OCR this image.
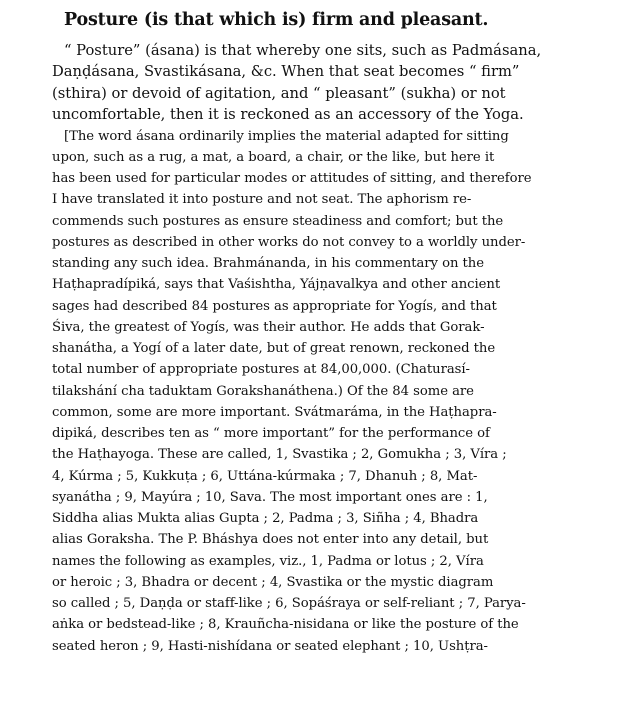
Posture (is that which is) firm and pleasant.
“ Posture” (ásana) is that whereby one sits, such as Padmásana,
Daṇḍásana, Svastikásana, &c. When that seat becomes “ firm”
(sthira) or devoid of agitation, and “ pleasant” (sukha) or not
uncomfortable, then it is reckoned as an accessory of the Yoga.
[The word ásana ordinarily implies the material adapted for sitting
upon, such as a rug, a mat, a board, a chair, or the like, but here it
has been used for particular modes or attitudes of sitting, and therefore
I have translated it into posture and not seat. The aphorism re-
commends such postures as ensure steadiness and comfort; but the
postures as described in other works do not convey to a worldly under-
standing any such idea. Brahmánanda, in his commentary on the
Haṭhapradípiká, says that Vaśishtha, Yájṇavalkya and other ancient
sages had described 84 postures as appropriate for Yogís, and that
Śiva, the greatest of Yogís, was their author. He adds that Gorak-
shanátha, a Yogí of a later date, but of great renown, reckoned the
total number of appropriate postures at 84,00,000. (Chaturasí-
tilakshání cha taduktam Gorakshanáthena.) Of the 84 some are
common, some are more important. Svátmaráma, in the Haṭhapra-
dipiká, describes ten as “ more important” for the performance of
the Haṭhayoga. These are called, 1, Svastika ; 2, Gomukha ; 3, Víra ;
4, Kúrma ; 5, Kukkuṭa ; 6, Uttána-kúrmaka ; 7, Dhanuh ; 8, Mat-
syanátha ; 9, Mayúra ; 10, Sava. The most important ones are : 1,
Siddha alias Mukta alias Gupta ; 2, Padma ; 3, Siñha ; 4, Bhadra
alias Goraksha. The P. Bháshya does not enter into any detail, but
names the following as examples, viz., 1, Padma or lotus ; 2, Víra
or heroic ; 3, Bhadra or decent ; 4, Svastika or the mystic diagram
so called ; 5, Daṇḍa or staff-like ; 6, Sopáśraya or self-reliant ; 7, Parya-
aṅka or bedstead-like ; 8, Krauñcha-nisidana or like the posture of the
seated heron ; 9, Hasti-nishídana or seated elephant ; 10, Ushṭra-
